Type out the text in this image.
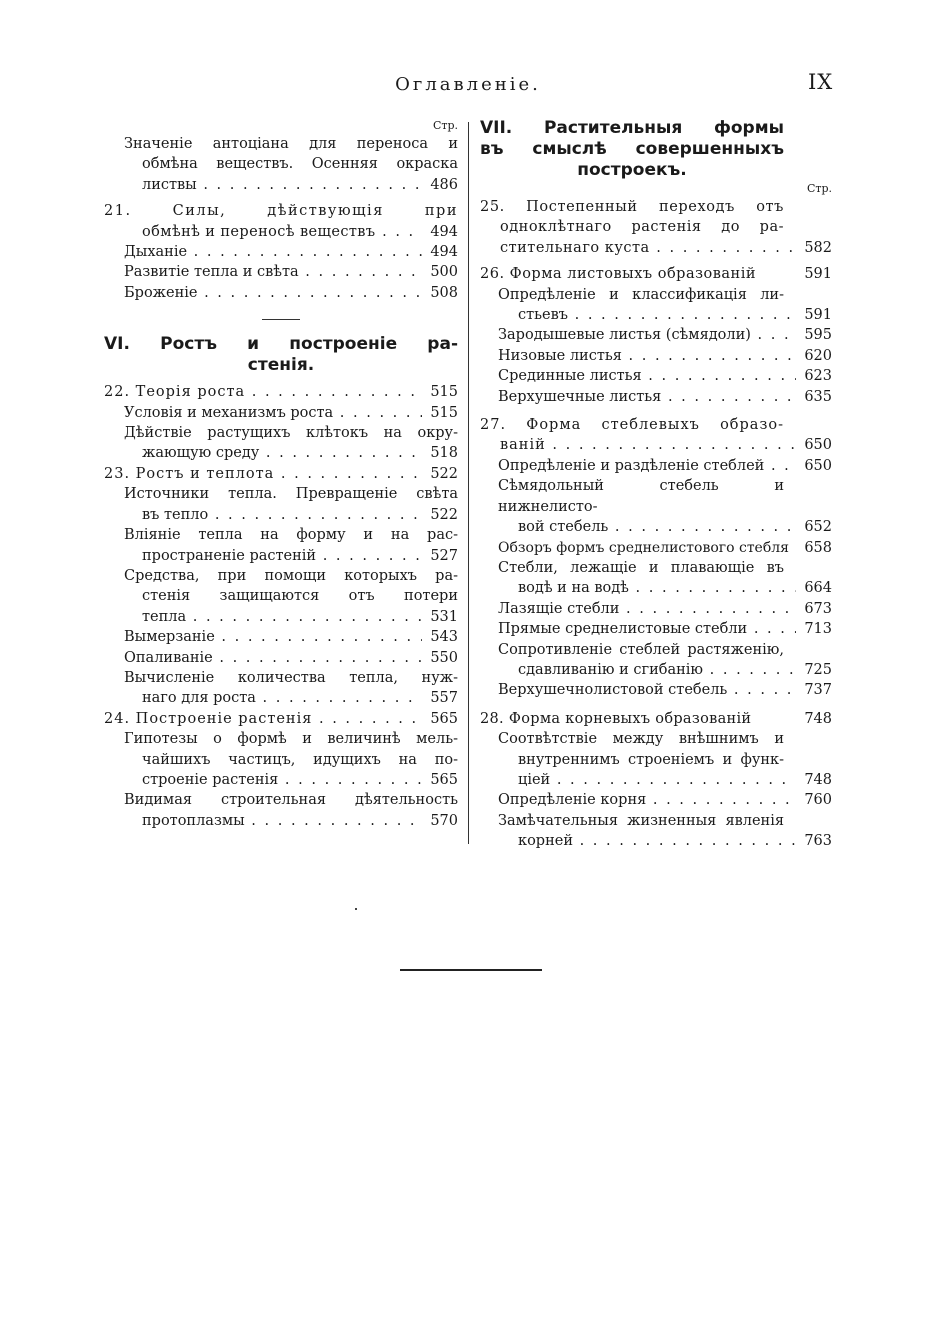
Оглавленіе.	IX
Стр.
Значеніе антоціана для переноса и
обмѣна веществъ. Осенняя окраска
листвы . . .	486
21. Силы, дѣйствующія при
обмѣнѣ и переносѣ веществъ . . .	494
Дыханіе . . .	494
Развитіе тепла и свѣта . . .	500
Броженіе . . .	508
VI. Ростъ и построеніе ра-
стенія.
22. Теорія роста . . .	515
Условія и механизмъ роста . . .	515
Дѣйствіе растущихъ клѣтокъ на окру-
жающую среду . . .	518
23. Ростъ и теплота . . .	522
Источники тепла. Превращеніе свѣта
въ тепло . . .	522
Вліяніе тепла на форму и на рас-
пространеніе растеній . . .	527
Средства, при помощи которыхъ ра-
стенія защищаются отъ потери
тепла . . .	531
Вымерзаніе . . .	543
Опаливаніе . . .	550
Вычисленіе количества тепла, нуж-
наго для роста . . .	557
24. Построеніе растенія . . .	565
Гипотезы о формѣ и величинѣ мель-
чайшихъ частицъ, идущихъ на по-
строеніе растенія . . .	565
Видимая строительная дѣятельность
протоплазмы . . .	570
VII. Растительныя формы
въ смыслѣ совершенныхъ
построекъ.
Стр.
25. Постепенный переходъ отъ
одноклѣтнаго растенія до ра-
стительнаго куста . . .	582
26. Форма листовыхъ образованій	591
Опредѣленіе и классификація ли-
стьевъ . . .	591
Зародышевые листья (сѣмядоли) . . .	595
Низовые листья . . .	620
Срединные листья . . .	623
Верхушечные листья . . .	635
27. Форма стеблевыхъ образо-
ваній . . .	650
Опредѣленіе и раздѣленіе стеблей . . .	650
Сѣмядольный стебель и нижнелисто-
вой стебель . . .	652
Обзоръ формъ среднелистового стебля	658
Стебли, лежащіе и плавающіе въ
водѣ и на водѣ . . .	664
Лазящіе стебли . . .	673
Прямые среднелистовые стебли . . .	713
Сопротивленіе стеблей растяженію,
сдавливанію и сгибанію . . .	725
Верхушечнолистовой стебель . . .	737
28. Форма корневыхъ образованій	748
Соотвѣтствіе между внѣшнимъ и
внутреннимъ строеніемъ и функ-
ціей . . .	748
Опредѣленіе корня . . .	760
Замѣчательныя жизненныя явленія
корней . . .	763
